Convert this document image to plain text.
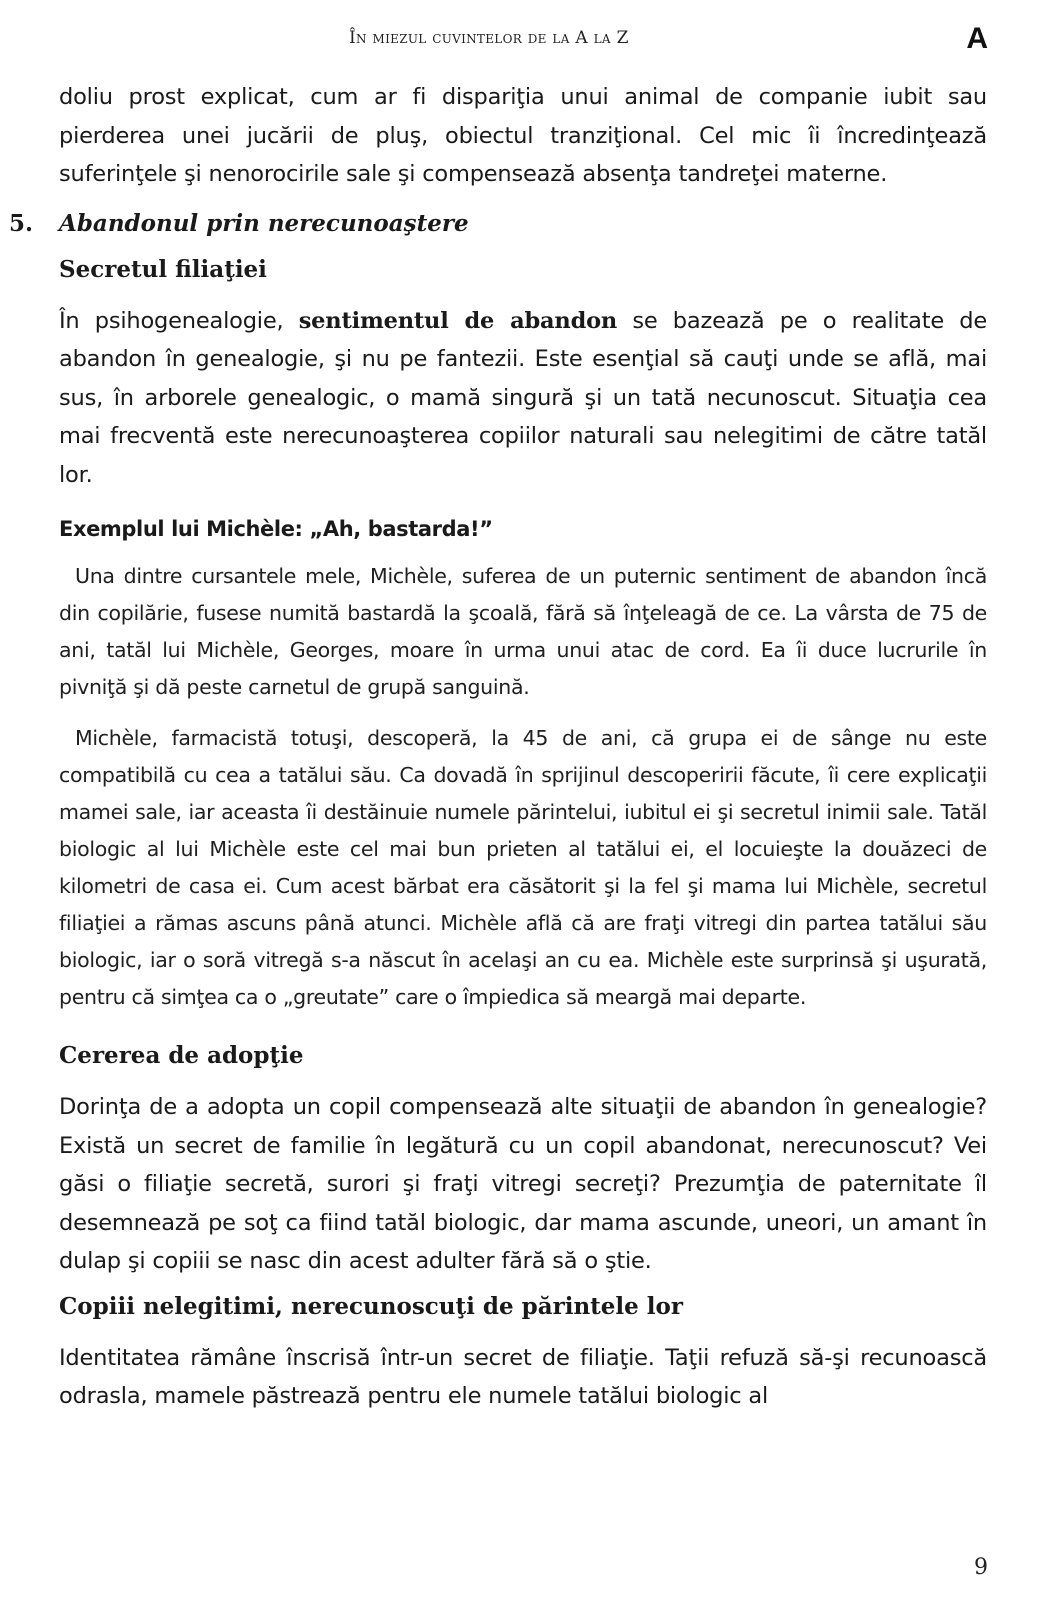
În miezul cuvintelor de la A la Z	A

doliu prost explicat, cum ar fi dispariţia unui animal de companie iubit sau pierderea unei jucării de pluş, obiectul tranziţional. Cel mic îi încredinţează suferinţele şi nenorocirile sale şi compensează absenţa tandreţei materne.

5. Abandonul prin nerecunoaştere
Secretul filiaţiei

În psihogenealogie, sentimentul de abandon se bazează pe o realitate de abandon în genealogie, şi nu pe fantezii. Este esenţial să cauţi unde se află, mai sus, în arborele genealogic, o mamă singură şi un tată necunoscut. Situaţia cea mai frecventă este nerecunoaşterea copiilor naturali sau nelegitimi de către tatăl lor.

Exemplul lui Michèle: „Ah, bastarda!”

Una dintre cursantele mele, Michèle, suferea de un puternic sentiment de abandon încă din copilărie, fusese numită bastardă la şcoală, fără să înţeleagă de ce. La vârsta de 75 de ani, tatăl lui Michèle, Georges, moare în urma unui atac de cord. Ea îi duce lucrurile în pivniţă şi dă peste carnetul de grupă sanguină.

Michèle, farmacistă totuşi, descoperă, la 45 de ani, că grupa ei de sânge nu este compatibilă cu cea a tatălui său. Ca dovadă în sprijinul descoperirii făcute, îi cere explicaţii mamei sale, iar aceasta îi destăinuie numele părintelui, iubitul ei şi secretul inimii sale. Tatăl biologic al lui Michèle este cel mai bun prieten al tatălui ei, el locuieşte la douăzeci de kilometri de casa ei. Cum acest bărbat era căsătorit şi la fel şi mama lui Michèle, secretul filiaţiei a rămas ascuns până atunci. Michèle află că are fraţi vitregi din partea tatălui său biologic, iar o soră vitregă s-a născut în acelaşi an cu ea. Michèle este surprinsă şi uşurată, pentru că simţea ca o „greutate” care o împiedica să meargă mai departe.

Cererea de adopţie

Dorinţa de a adopta un copil compensează alte situaţii de abandon în genealogie? Există un secret de familie în legătură cu un copil abandonat, nerecunoscut? Vei găsi o filiaţie secretă, surori şi fraţi vitregi secreţi? Prezumţia de paternitate îl desemnează pe soţ ca fiind tatăl biologic, dar mama ascunde, uneori, un amant în dulap şi copiii se nasc din acest adulter fără să o ştie.

Copiii nelegitimi, nerecunoscuţi de părintele lor

Identitatea rămâne înscrisă într-un secret de filiaţie. Taţii refuză să-şi recunoască odrasla, mamele păstrează pentru ele numele tatălui biologic al

9
